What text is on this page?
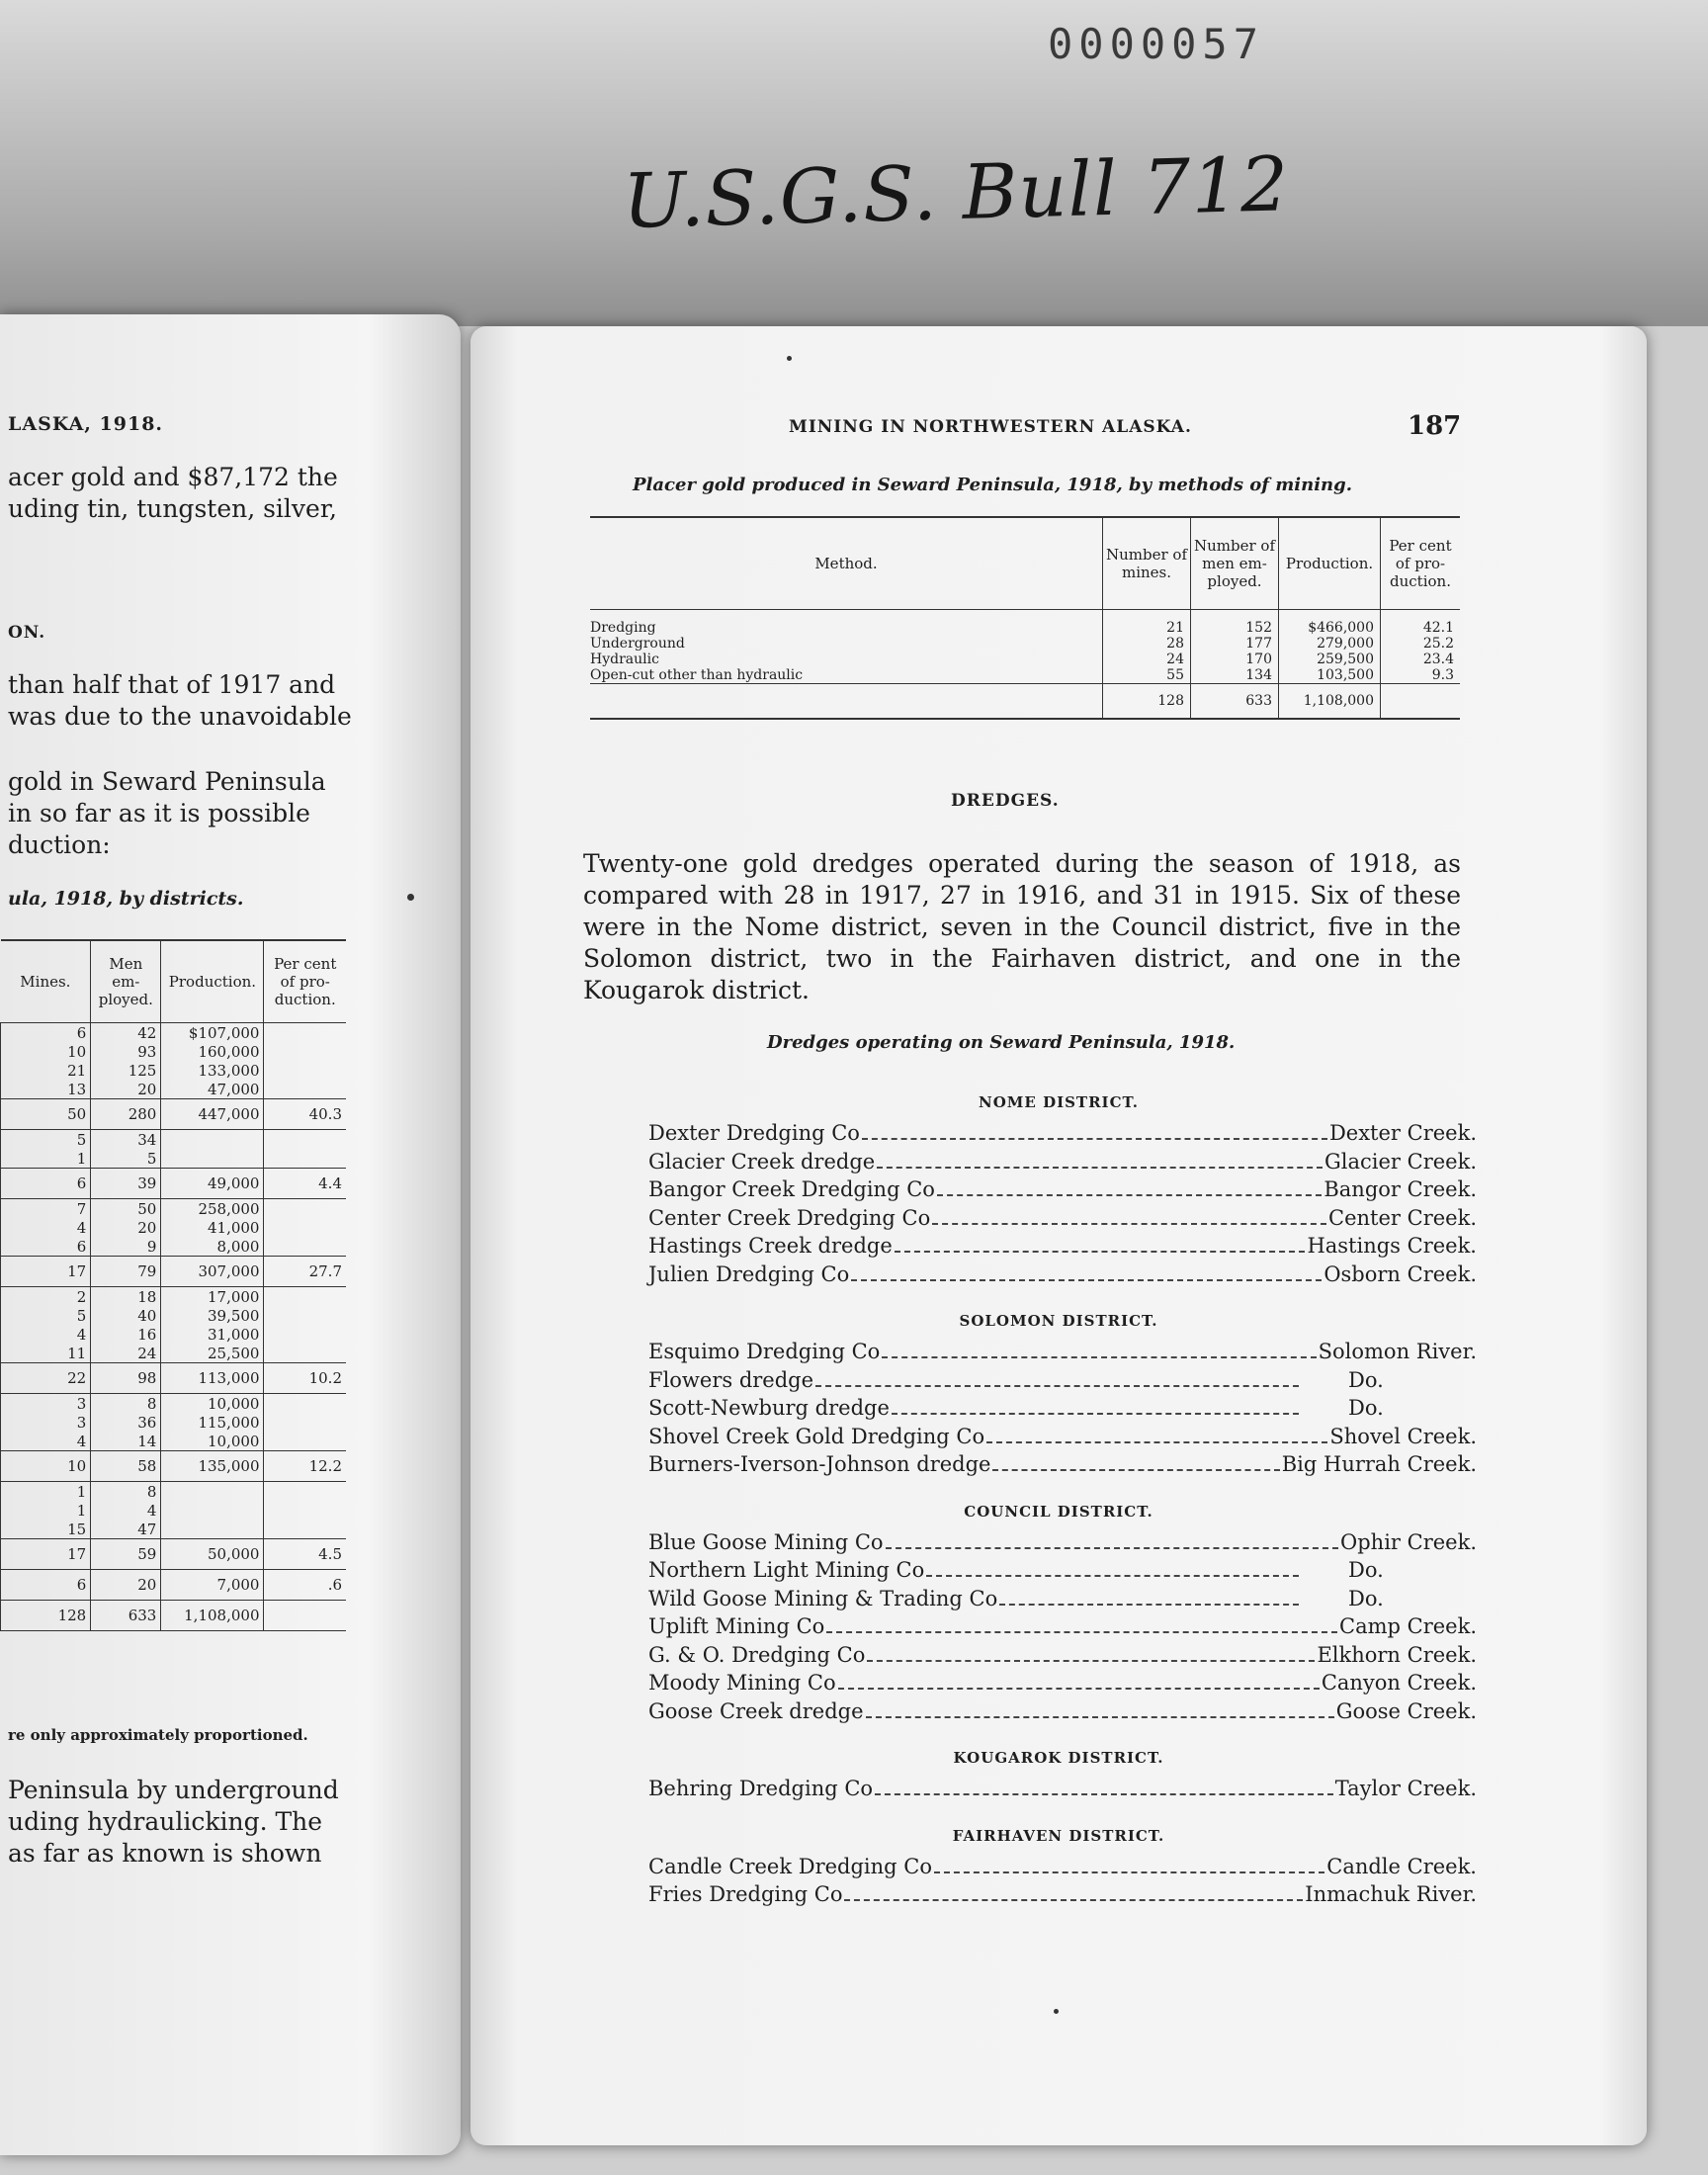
0000057
U.S.G.S. Bull 712
LASKA, 1918.
acer gold and $87,172 the
uding tin, tungsten, silver,
ON.
than half that of 1917 and
was due to the unavoidable
gold in Seward Peninsula
in so far as it is possible
duction:
ula, 1918, by districts.
Mines.	Men em-ployed.	Production.	Per cent of pro-duction.
6	42	$107,000	
10	93	160,000	
21	125	133,000	
13	20	47,000	
50	280	447,000	40.3
5	34		
1	5		
6	39	49,000	4.4
7	50	258,000	
4	20	41,000	
6	9	8,000	
17	79	307,000	27.7
2	18	17,000	
5	40	39,500	
4	16	31,000	
11	24	25,500	
22	98	113,000	10.2
3	8	10,000	
3	36	115,000	
4	14	10,000	
10	58	135,000	12.2
1	8		
1	4		
15	47		
17	59	50,000	4.5
6	20	7,000	.6
128	633	1,108,000	
re only approximately proportioned.
Peninsula by underground
uding hydraulicking. The
as far as known is shown
MINING IN NORTHWESTERN ALASKA.	187
Placer gold produced in Seward Peninsula, 1918, by methods of mining.
Method.	Number of mines.	Number of men em-ployed.	Production.	Per cent of pro-duction.

Dredging	21	152	$466,000	42.1
Underground	28	177	279,000	25.2
Hydraulic	24	170	259,500	23.4
Open-cut other than hydraulic	55	134	103,500	9.3
	128	633	1,108,000	
DREDGES.
Twenty-one gold dredges operated during the season of 1918, as compared with 28 in 1917, 27 in 1916, and 31 in 1915. Six of these were in the Nome district, seven in the Council district, five in the Solomon district, two in the Fairhaven district, and one in the Kougarok district.
Dredges operating on Seward Peninsula, 1918.
NOME DISTRICT.
Dexter Dredging Co	Dexter Creek.
Glacier Creek dredge	Glacier Creek.
Bangor Creek Dredging Co	Bangor Creek.
Center Creek Dredging Co	Center Creek.
Hastings Creek dredge	Hastings Creek.
Julien Dredging Co	Osborn Creek.
SOLOMON DISTRICT.
Esquimo Dredging Co	Solomon River.
Flowers dredge	Do.
Scott-Newburg dredge	Do.
Shovel Creek Gold Dredging Co	Shovel Creek.
Burners-Iverson-Johnson dredge	Big Hurrah Creek.
COUNCIL DISTRICT.
Blue Goose Mining Co	Ophir Creek.
Northern Light Mining Co	Do.
Wild Goose Mining & Trading Co	Do.
Uplift Mining Co	Camp Creek.
G. & O. Dredging Co	Elkhorn Creek.
Moody Mining Co	Canyon Creek.
Goose Creek dredge	Goose Creek.
KOUGAROK DISTRICT.
Behring Dredging Co	Taylor Creek.
FAIRHAVEN DISTRICT.
Candle Creek Dredging Co	Candle Creek.
Fries Dredging Co	Inmachuk River.
